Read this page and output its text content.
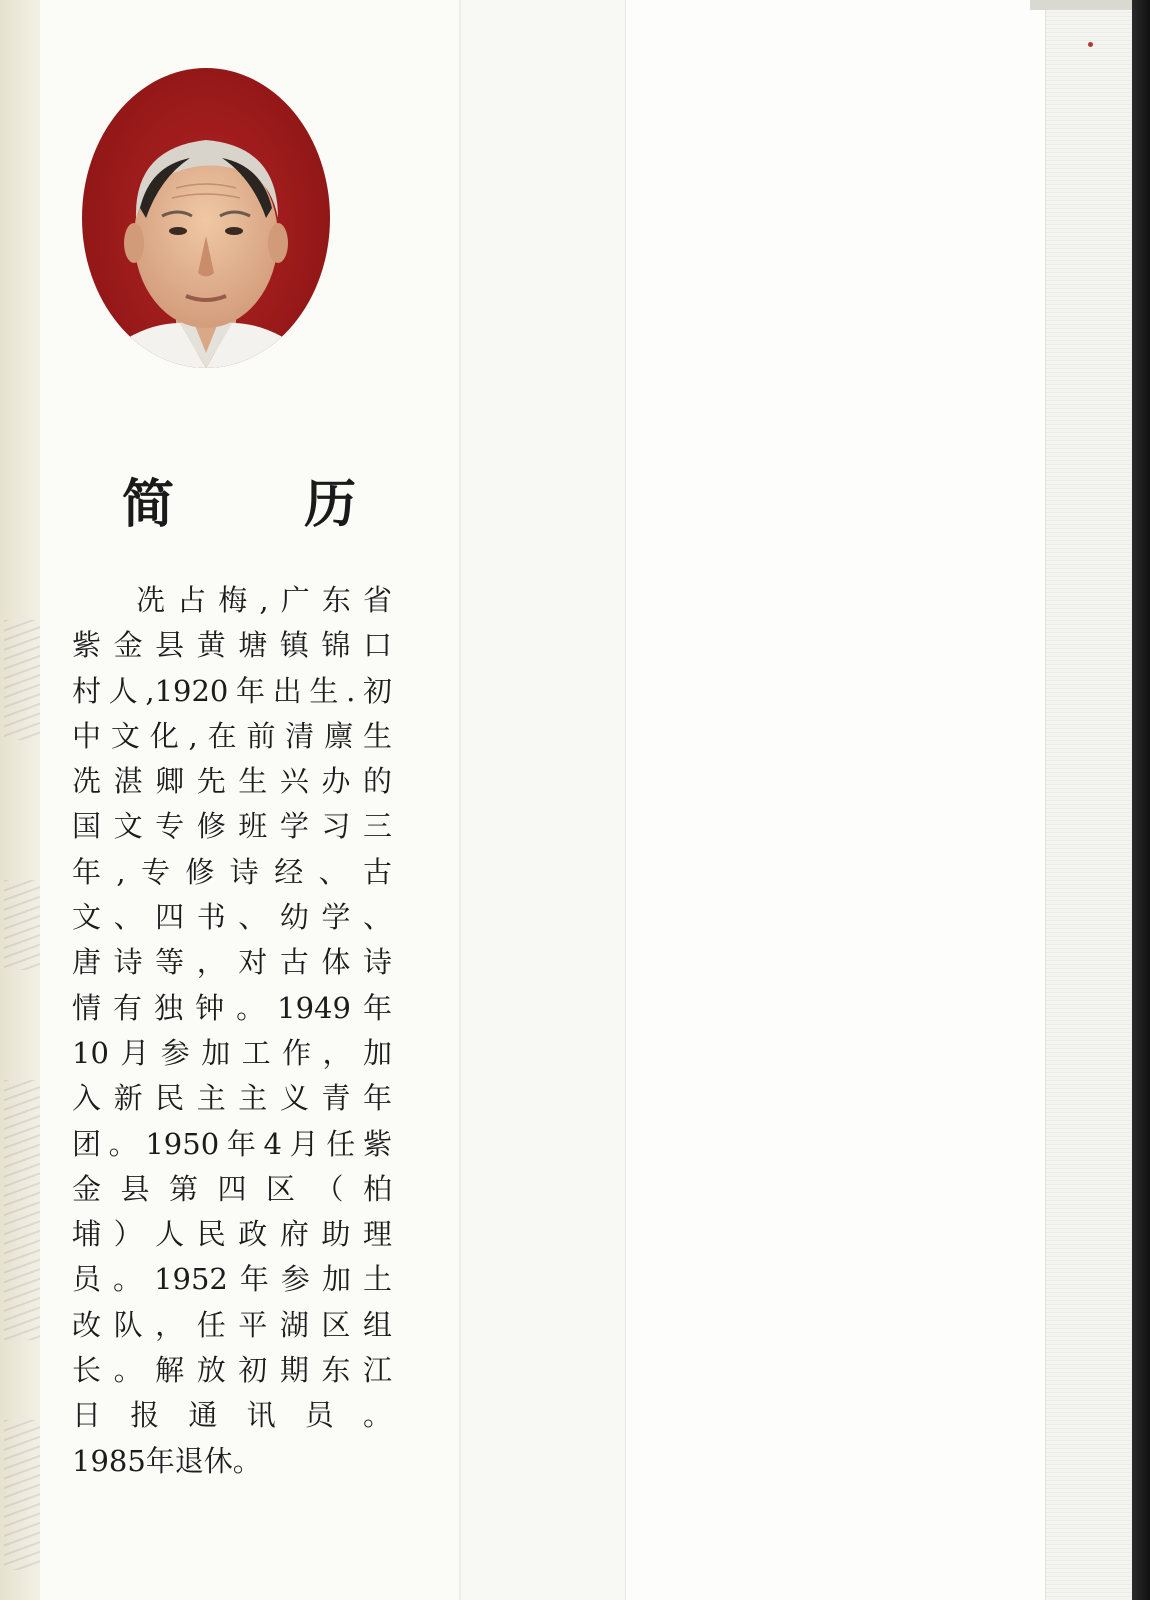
简 历
冼占梅,广东省
紫金县黄塘镇锦口
村人,1920年出生.初
中文化,在前清廪生
冼湛卿先生兴办的
国文专修班学习三
年,专修诗经、古
文、四书、幼学、
唐诗等，对古体诗
情有独钟。1949年
10月参加工作，加
入新民主主义青年
团。1950年4月任紫
金县第四区（柏
埔）人民政府助理
员。1952年参加土
改队，任平湖区组
长。解放初期东江
日报通讯员。
1985年退休。
